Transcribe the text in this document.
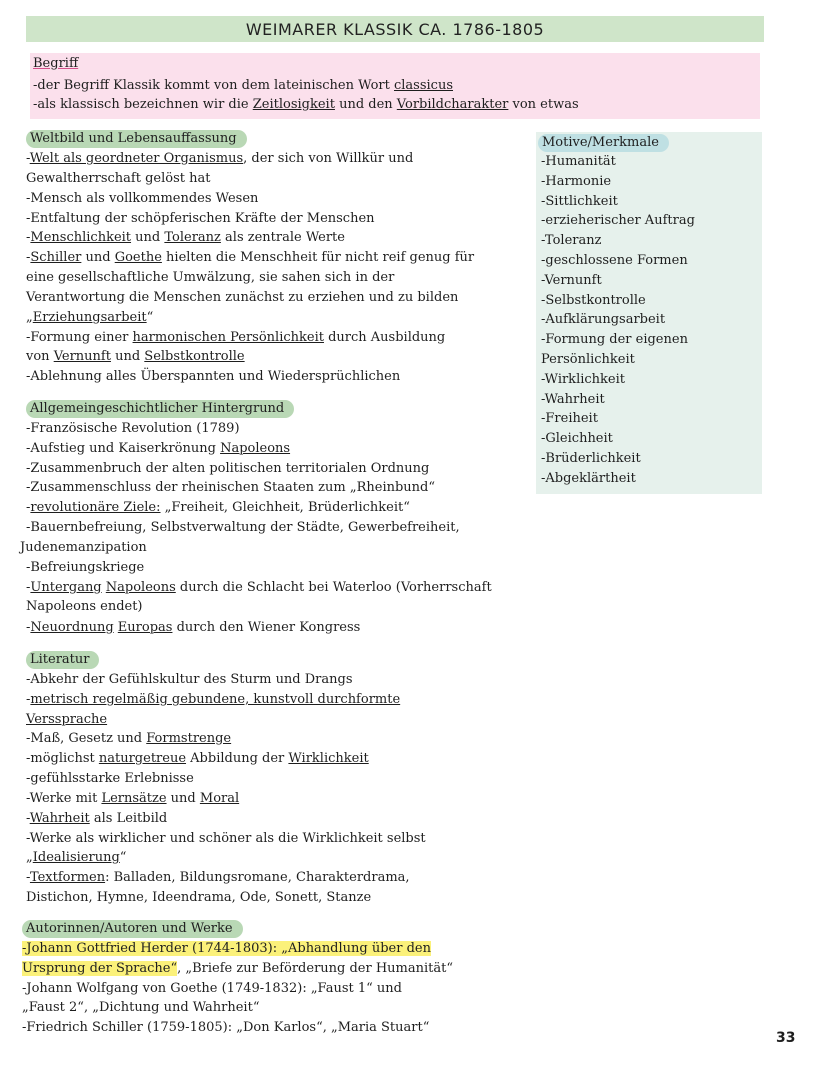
WEIMARER KLASSIK CA. 1786-1805
Begriff
-der Begriff Klassik kommt von dem lateinischen Wort classicus
-als klassisch bezeichnen wir die Zeitlosigkeit und den Vorbildcharakter von etwas
Weltbild und Lebensauffassung
-Welt als geordneter Organismus, der sich von Willkür und
Gewaltherrschaft gelöst hat
-Mensch als vollkommendes Wesen
-Entfaltung der schöpferischen Kräfte der Menschen
-Menschlichkeit und Toleranz als zentrale Werte
-Schiller und Goethe hielten die Menschheit für nicht reif genug für
eine gesellschaftliche Umwälzung, sie sahen sich in der
Verantwortung die Menschen zunächst zu erziehen und zu bilden
„Erziehungsarbeit“
-Formung einer harmonischen Persönlichkeit durch Ausbildung
von Vernunft und Selbstkontrolle
-Ablehnung alles Überspannten und Wiedersprüchlichen
Allgemeingeschichtlicher Hintergrund
-Französische Revolution (1789)
-Aufstieg und Kaiserkrönung Napoleons
-Zusammenbruch der alten politischen territorialen Ordnung
-Zusammenschluss der rheinischen Staaten zum „Rheinbund“
-revolutionäre Ziele: „Freiheit, Gleichheit, Brüderlichkeit“
-Bauernbefreiung, Selbstverwaltung der Städte, Gewerbefreiheit,
Judenemanzipation
-Befreiungskriege
-Untergang Napoleons durch die Schlacht bei Waterloo (Vorherrschaft
Napoleons endet)
-Neuordnung Europas durch den Wiener Kongress
Literatur
-Abkehr der Gefühlskultur des Sturm und Drangs
-metrisch regelmäßig gebundene, kunstvoll durchformte
Verssprache
-Maß, Gesetz und Formstrenge
-möglichst naturgetreue Abbildung der Wirklichkeit
-gefühlsstarke Erlebnisse
-Werke mit Lernsätze und Moral
-Wahrheit als Leitbild
-Werke als wirklicher und schöner als die Wirklichkeit selbst
„Idealisierung“
-Textformen: Balladen, Bildungsromane, Charakterdrama,
Distichon, Hymne, Ideendrama, Ode, Sonett, Stanze
Autorinnen/Autoren und Werke
-Johann Gottfried Herder (1744-1803): „Abhandlung über den
Ursprung der Sprache“, „Briefe zur Beförderung der Humanität“
-Johann Wolfgang von Goethe (1749-1832): „Faust 1“ und
„Faust 2“, „Dichtung und Wahrheit“
-Friedrich Schiller (1759-1805): „Don Karlos“, „Maria Stuart“
Motive/Merkmale
-Humanität
-Harmonie
-Sittlichkeit
-erzieherischer Auftrag
-Toleranz
-geschlossene Formen
-Vernunft
-Selbstkontrolle
-Aufklärungsarbeit
-Formung der eigenen
Persönlichkeit
-Wirklichkeit
-Wahrheit
-Freiheit
-Gleichheit
-Brüderlichkeit
-Abgeklärtheit
33
